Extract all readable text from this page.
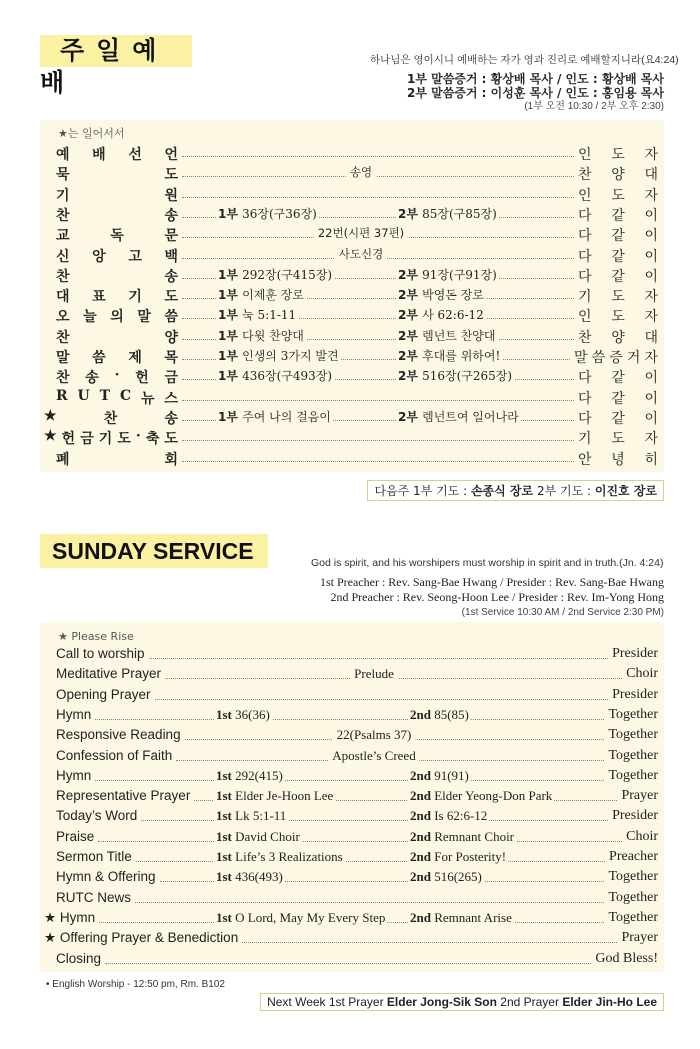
주일예배
하나님은 영이시니 예배하는 자가 영과 진리로 예배할지니라(요4:24)
1부 말씀증거 : 황상배 목사 / 인도 : 황상배 목사
2부 말씀증거 : 이성훈 목사 / 인도 : 홍임용 목사
(1부 오전 10:30 / 2부 오후 2:30)
★는 일어서서
예 배 선 언	인 도 자
묵	도	송영	찬 양 대
기	원	인 도 자
찬	송	1부 36장(구36장)	2부 85장(구85장)	다 같 이
교	독	문	22번(시편 37편)	다 같 이
신 앙 고 백	사도신경	다 같 이
찬	송	1부 292장(구415장)	2부 91장(구91장)	다 같 이
대 표 기 도	1부 이제훈 장로	2부 박영돈 장로	기 도 자
오 늘 의 말 씀	1부 눅 5:1-11	2부 사 62:6-12	인 도 자
찬	양	1부 다윗 찬양대	2부 렘넌트 찬양대	찬 양 대
말 씀 제 목	1부 인생의 3가지 발견	2부 후대를 위하여!	말 씀 증 거 자
찬 송 · 헌 금	1부 436장(구493장)	2부 516장(구265장)	다 같 이
R U T C 뉴 스	다 같 이
★	찬	송	1부 주여 나의 걸음이	2부 렘넌트여 일어나라	다 같 이
★ 헌 금 기 도 · 축 도	기 도 자
폐	회	안 녕 히
다음주 1부 기도 : 손종식 장로 2부 기도 : 이진호 장로
SUNDAY SERVICE	God is spirit, and his worshipers must worship in spirit and in truth.(Jn. 4:24)
1st Preacher : Rev. Sang-Bae Hwang / Presider : Rev. Sang-Bae Hwang
2nd Preacher : Rev. Seong-Hoon Lee / Presider : Rev. Im-Yong Hong
(1st Service 10:30 AM / 2nd Service 2:30 PM)
★ Please Rise
Call to worship	Presider
Meditative Prayer	Prelude	Choir
Opening Prayer	Presider
Hymn	1st 36(36)	2nd 85(85)	Together
Responsive Reading	22(Psalms 37)	Together
Confession of Faith	Apostle’s Creed	Together
Hymn	1st 292(415)	2nd 91(91)	Together
Representative Prayer 1st Elder Je-Hoon Lee	2nd Elder Yeong-Don Park	Prayer
Today’s Word	1st Lk 5:1-11	2nd Is 62:6-12	Presider
Praise	1st David Choir	2nd Remnant Choir	Choir
Sermon Title	1st Life’s 3 Realizations	2nd For Posterity!	Preacher
Hymn & Offering	1st 436(493)	2nd 516(265)	Together
RUTC News	Together
★ Hymn	1st O Lord, May My Every Step 2nd Remnant Arise	Together
★ Offering Prayer & Benediction	Prayer
Closing	God Bless!
• English Worship - 12:50 pm, Rm. B102
Next Week 1st Prayer Elder Jong-Sik Son 2nd Prayer Elder Jin-Ho Lee
